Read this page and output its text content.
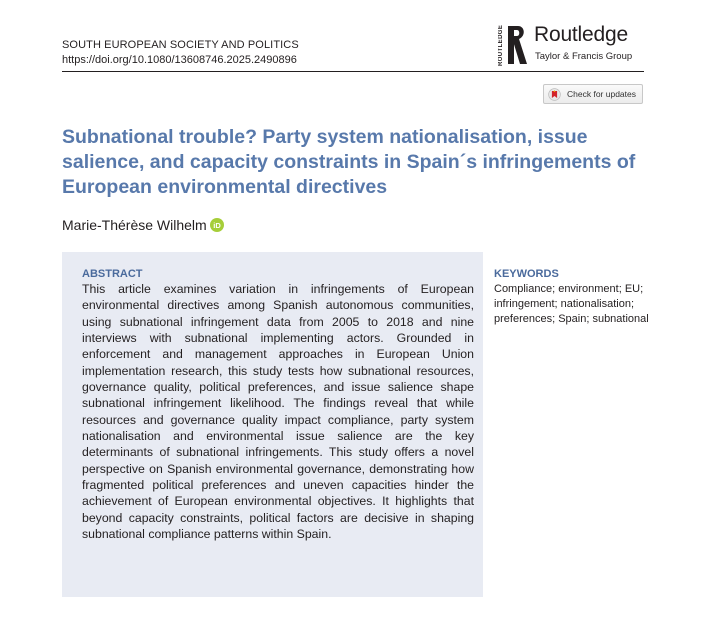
SOUTH EUROPEAN SOCIETY AND POLITICS
https://doi.org/10.1080/13608746.2025.2490896	ROUTLEDGE Routledge
Taylor & Francis Group
Check for updates
Subnational trouble? Party system nationalisation, issue salience, and capacity constraints in Spain´s infringements of European environmental directives
Marie-Thérèse Wilhelm iD
ABSTRACT

This article examines variation in infringements of European environmental directives among Spanish autonomous communities, using subnational infringement data from 2005 to 2018 and nine interviews with subnational implementing actors. Grounded in enforcement and management approaches in European Union implementation research, this study tests how subnational resources, governance quality, political preferences, and issue salience shape subnational infringement likelihood. The findings reveal that while resources and governance quality impact compliance, party system nationalisation and environmental issue salience are the key determinants of subnational infringements. This study offers a novel perspective on Spanish environmental governance, demonstrating how fragmented political preferences and uneven capacities hinder the achievement of European environmental objectives. It highlights that beyond capacity constraints, political factors are decisive in shaping subnational compliance patterns within Spain.

KEYWORDS
Compliance; environment; EU; infringement; nationalisation; preferences; Spain; subnational
